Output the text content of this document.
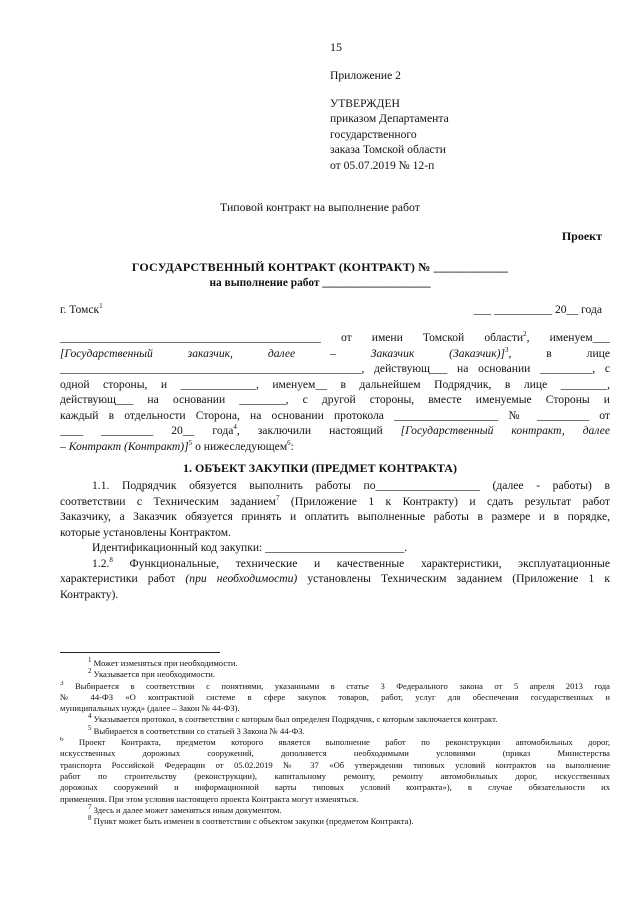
15
Приложение 2
УТВЕРЖДЕН
приказом Департамента
государственного
заказа Томской области
от 05.07.2019 № 12-п
Типовой контракт на выполнение работ
Проект
ГОСУДАРСТВЕННЫЙ КОНТРАКТ (КОНТРАКТ) № ____________
на выполнение работ ___________________
г. Томск$^1$	___ __________ 20__ года
_____________________________________________ от имени Томской области$^2$, именуем___
[Государственный заказчик, далее – Заказчик (Заказчик)]$^3$, в лице
____________________________________________________, действующ___ на основании _________, с
одной стороны, и _____________, именуем__ в дальнейшем Подрядчик, в лице ________,
действующ___ на основании ________, с другой стороны, вместе именуемые Стороны и
каждый в отдельности Сторона, на основании протокола __________________ № _________ от
____ _________ 20__ года$^4$, заключили настоящий [Государственный контракт, далее
– Контракт (Контракт)]$^5$ о нижеследующем$^6$:
1. ОБЪЕКТ ЗАКУПКИ (ПРЕДМЕТ КОНТРАКТА)
1.1. Подрядчик обязуется выполнить работы по__________________ (далее - работы) в
соответствии с Техническим заданием$^7$ (Приложение 1 к Контракту) и сдать результат работ
Заказчику, а Заказчик обязуется принять и оплатить выполненные работы в размере и в порядке,
которые установлены Контрактом.
Идентификационный код закупки: ________________________.
1.2.$^8$ Функциональные, технические и качественные характеристики, эксплуатационные
характеристики работ (при необходимости) установлены Техническим заданием (Приложение 1 к
Контракту).
$^1$ Может изменяться при необходимости.
$^2$ Указывается при необходимости.
$^3$ Выбирается в соответствии с понятиями, указанными в статье 3 Федерального закона от 5 апреля 2013 года
№ 44-ФЗ «О контрактной системе в сфере закупок товаров, работ, услуг для обеспечения государственных и
муниципальных нужд» (далее – Закон № 44-ФЗ).
$^4$ Указывается протокол, в соответствии с которым был определен Подрядчик, с которым заключается контракт.
$^5$ Выбирается в соответствии со статьей 3 Закона № 44-ФЗ.
$^6$ Проект Контракта, предметом которого является выполнение работ по реконструкции автомобильных дорог,
искусственных дорожных сооружений, дополняется необходимыми условиями (приказ Министерства
транспорта Российской Федерации от 05.02.2019 № 37 «Об утверждении типовых условий контрактов на выполнение
работ по строительству (реконструкции), капитальному ремонту, ремонту автомобильных дорог, искусственных
дорожных сооружений и информационной карты типовых условий контракта»), в случае обязательности их
применения. При этом условия настоящего проекта Контракта могут изменяться.
$^7$ Здесь и далее может заменяться иным документом.
$^8$ Пункт может быть изменен в соответствии с объектом закупки (предметом Контракта).
